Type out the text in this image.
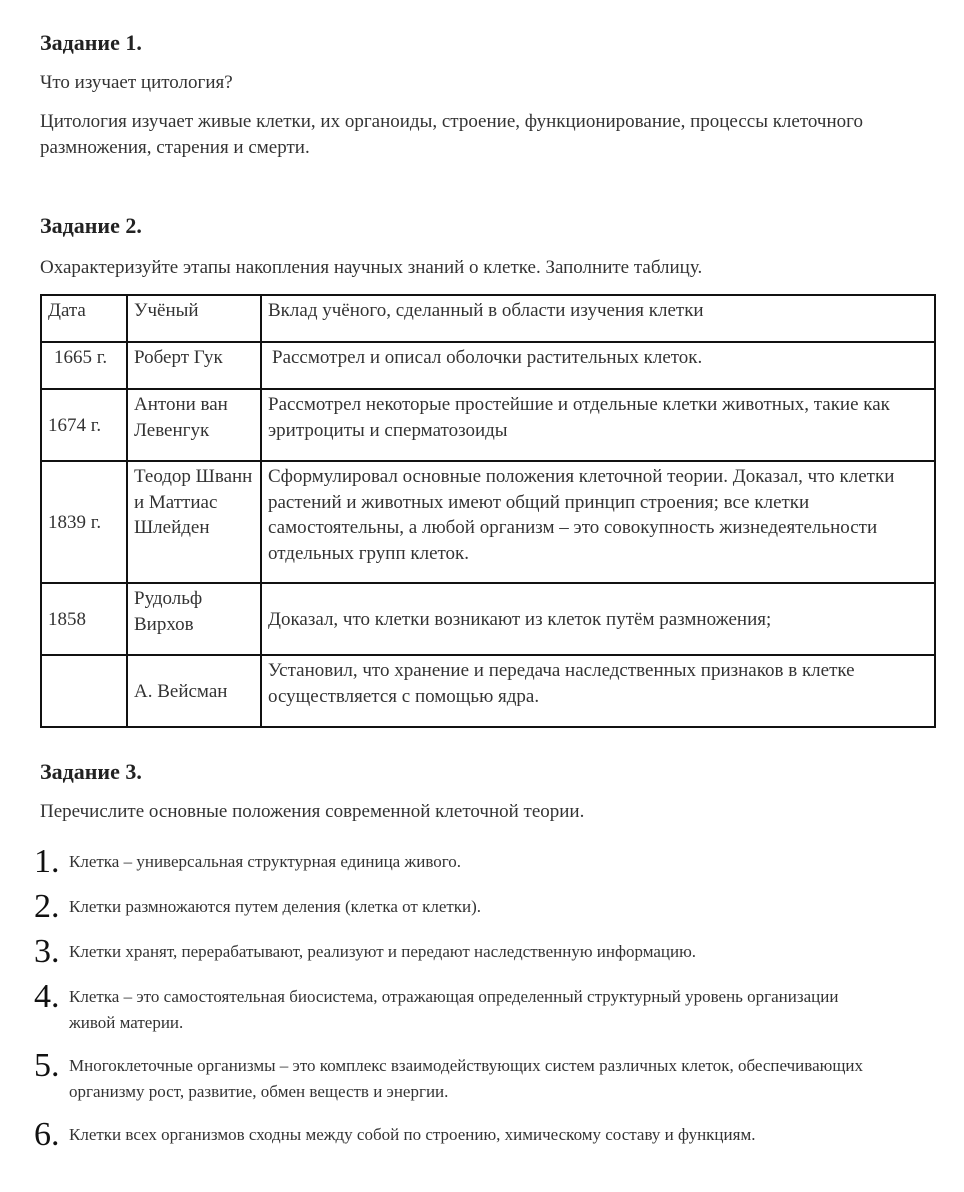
Задание 1.
Что изучает цитология?
Цитология изучает живые клетки, их органоиды, строение, функционирование, процессы клеточного размножения, старения и смерти.
Задание 2.
Охарактеризуйте этапы накопления научных знаний о клетке. Заполните таблицу.
Дата	Учёный	Вклад учёного, сделанный в области изучения клетки
1665 г.	Роберт Гук	Рассмотрел и описал оболочки растительных клеток.
1674 г.	Антони ван Левенгук	Рассмотрел некоторые простейшие и отдельные клетки животных, такие как эритроциты и сперматозоиды
1839 г.	Теодор Шванн и Маттиас Шлейден	Сформулировал основные положения клеточной теории. Доказал, что клетки растений и животных имеют общий принцип строения; все клетки самостоятельны, а любой организм – это совокупность жизнедеятельности отдельных групп клеток.
1858	Рудольф Вирхов	Доказал, что клетки возникают из клеток путём размножения;
	А. Вейсман	Установил, что хранение и передача наследственных признаков в клетке осуществляется с помощью ядра.
Задание 3.
Перечислите основные положения современной клеточной теории.
1. Клетка – универсальная структурная единица живого.
2. Клетки размножаются путем деления (клетка от клетки).
3. Клетки хранят, перерабатывают, реализуют и передают наследственную информацию.
4. Клетка – это самостоятельная биосистема, отражающая определенный структурный уровень организации живой материи.
5. Многоклеточные организмы – это комплекс взаимодействующих систем различных клеток, обеспечивающих организму рост, развитие, обмен веществ и энергии.
6. Клетки всех организмов сходны между собой по строению, химическому составу и функциям.
